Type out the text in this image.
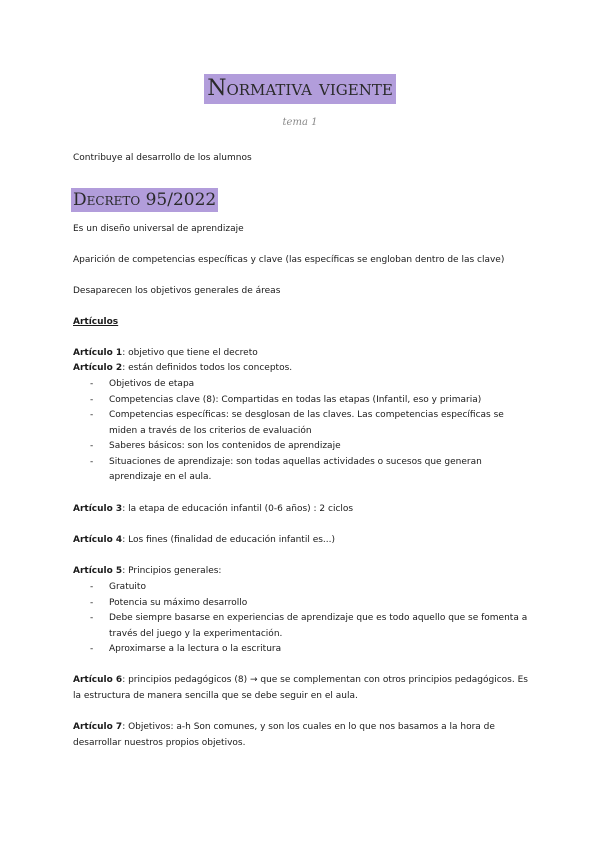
Normativa vigente
tema 1

Contribuye al desarrollo de los alumnos

Decreto 95/2022

Es un diseño universal de aprendizaje

Aparición de competencias específicas y clave (las específicas se engloban dentro de las clave)

Desaparecen los objetivos generales de áreas

Artículos

Artículo 1: objetivo que tiene el decreto

Artículo 2: están definidos todos los conceptos.

- Objetivos de etapa
- Competencias clave (8): Compartidas en todas las etapas (Infantil, eso y primaria)
- Competencias específicas: se desglosan de las claves. Las competencias específicas se miden a través de los criterios de evaluación
- Saberes básicos: son los contenidos de aprendizaje
- Situaciones de aprendizaje: son todas aquellas actividades o sucesos que generan aprendizaje en el aula.

Artículo 3: la etapa de educación infantil (0-6 años) : 2 ciclos

Artículo 4: Los fines (finalidad de educación infantil es...)

Artículo 5: Principios generales:

- Gratuito
- Potencia su máximo desarrollo
- Debe siempre basarse en experiencias de aprendizaje que es todo aquello que se fomenta a través del juego y la experimentación.
- Aproximarse a la lectura o la escritura

Artículo 6: principios pedagógicos (8) → que se complementan con otros principios pedagógicos. Es la estructura de manera sencilla que se debe seguir en el aula.

Artículo 7: Objetivos: a-h Son comunes, y son los cuales en lo que nos basamos a la hora de desarrollar nuestros propios objetivos.
